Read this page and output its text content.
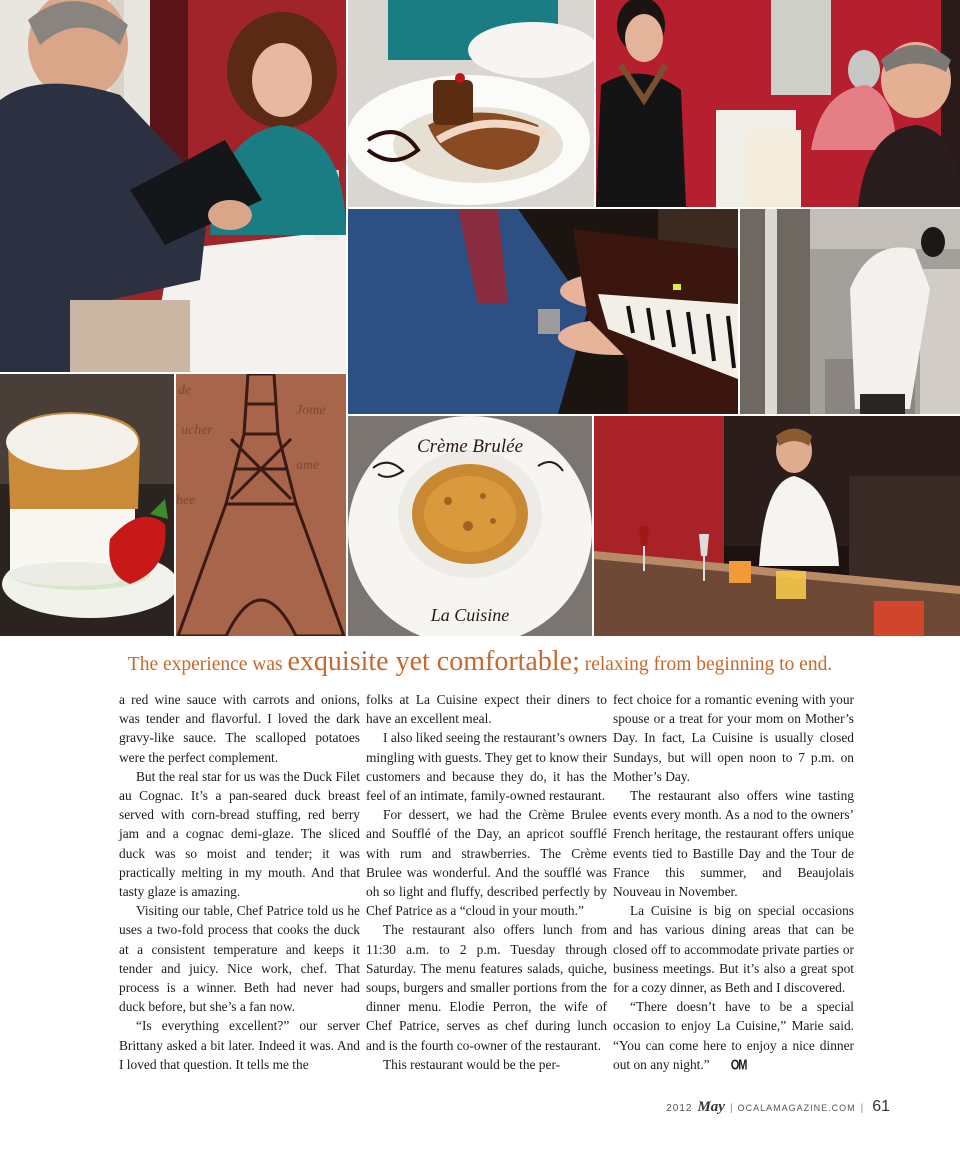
de
Jome
ucher
ame
hee
Crème Brulée
La Cuisine
The experience was exquisite yet comfortable; relaxing from beginning to end.

a red wine sauce with carrots and onions, was tender and flavorful. I loved the dark gravy-like sauce. The scalloped potatoes were the perfect complement.

But the real star for us was the Duck Filet au Cognac. It’s a pan-seared duck breast served with corn-bread stuffing, red berry jam and a cognac demi-glaze. The sliced duck was so moist and tender; it was practically melting in my mouth. And that tasty glaze is amazing.

Visiting our table, Chef Patrice told us he uses a two-fold process that cooks the duck at a consistent temperature and keeps it tender and juicy. Nice work, chef. That process is a winner. Beth had never had duck before, but she’s a fan now.

“Is everything excellent?” our server Brittany asked a bit later. Indeed it was. And I loved that question. It tells me the

folks at La Cuisine expect their diners to have an excellent meal.

I also liked seeing the restaurant’s owners mingling with guests. They get to know their customers and because they do, it has the feel of an intimate, family-owned restaurant.

For dessert, we had the Crème Brulee and Soufflé of the Day, an apricot soufflé with rum and strawberries. The Crème Brulee was wonderful. And the soufflé was oh so light and fluffy, described perfectly by Chef Patrice as a “cloud in your mouth.”

The restaurant also offers lunch from 11:30 a.m. to 2 p.m. Tuesday through Saturday. The menu features salads, quiche, soups, burgers and smaller portions from the dinner menu. Elodie Perron, the wife of Chef Patrice, serves as chef during lunch and is the fourth co-owner of the restaurant.

This restaurant would be the per-

fect choice for a romantic evening with your spouse or a treat for your mom on Mother’s Day. In fact, La Cuisine is usually closed Sundays, but will open noon to 7 p.m. on Mother’s Day.

The restaurant also offers wine tasting events every month. As a nod to the owners’ French heritage, the restaurant offers unique events tied to Bastille Day and the Tour de France this summer, and Beaujolais Nouveau in November.

La Cuisine is big on special occasions and has various dining areas that can be closed off to accommodate private parties or business meetings. But it’s also a great spot for a cozy dinner, as Beth and I discovered.

“There doesn’t have to be a special occasion to enjoy La Cuisine,” Marie said. “You can come here to enjoy a nice dinner out on any night.” OM

2012 May | OCALAMAGAZINE.COM | 61
